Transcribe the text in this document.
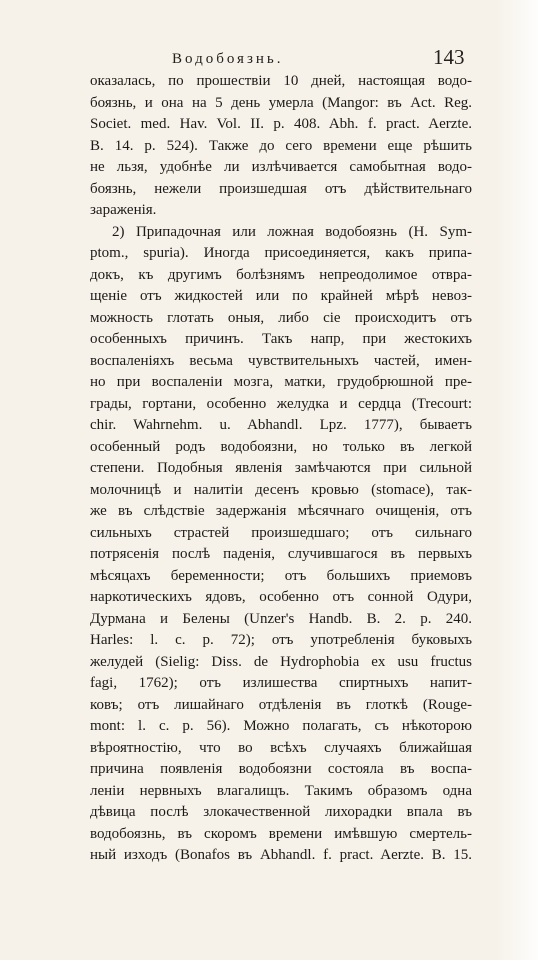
Водобоязнь.	143
оказалась, по прошествiи 10 дней, настоящая водо-
боязнь, и она на 5 день умерла (Mangor: въ Act. Reg.
Societ. med. Hav. Vol. II. p. 408. Abh. f. pract. Aerzte.
B. 14. p. 524). Также до сего времени еще рѣшить
не льзя, удобнѣе ли излѣчивается самобытная водо-
боязнь, нежели произшедшая отъ дѣйствительнаго
зараженiя.
2) Припадочная или ложная водобоязнь (H. Sym-
ptom., spuria). Иногда присоединяется, какъ припа-
докъ, къ другимъ болѣзнямъ непреодолимое отвра-
щенiе отъ жидкостей или по крайней мѣрѣ невоз-
можность глотать оныя, либо сiе происходитъ отъ
особенныхъ причинъ. Такъ напр, при жестокихъ
воспаленiяхъ весьма чувствительныхъ частей, имен-
но при воспаленiи мозга, матки, грудобрюшной пре-
грады, гортани, особенно желудка и сердца (Trecourt:
chir. Wahrnehm. u. Abhandl. Lpz. 1777), бываетъ
особенный родъ водобоязни, но только въ легкой
степени. Подобныя явленiя замѣчаются при сильной
молочницѣ и налитiи десенъ кровью (stomace), так-
же въ слѣдствiе задержанiя мѣсячнаго очищенiя, отъ
сильныхъ страстей произшедшаго; отъ сильнаго
потрясенiя послѣ паденiя, случившагося въ первыхъ
мѣсяцахъ беременности; отъ большихъ приемовъ
наркотическихъ ядовъ, особенно отъ сонной Одури,
Дурмана и Белены (Unzer's Handb. B. 2. p. 240.
Harles: l. c. p. 72); отъ употребленiя буковыхъ
желудей (Sielig: Diss. de Hydrophobia ex usu fructus
fagi, 1762); отъ излишества спиртныхъ напит-
ковъ; отъ лишайнаго отдѣленiя въ глоткѣ (Rouge-
mont: l. c. p. 56). Можно полагать, съ нѣкоторою
вѣроятностiю, что во всѣхъ случаяхъ ближайшая
причина появленiя водобоязни состояла въ воспа-
ленiи нервныхъ влагалищъ. Такимъ образомъ одна
дѣвица послѣ злокачественной лихорадки впала въ
водобоязнь, въ скоромъ времени имѣвшую смертель-
ный изходъ (Bonafos въ Abhandl. f. pract. Aerzte. B. 15.
